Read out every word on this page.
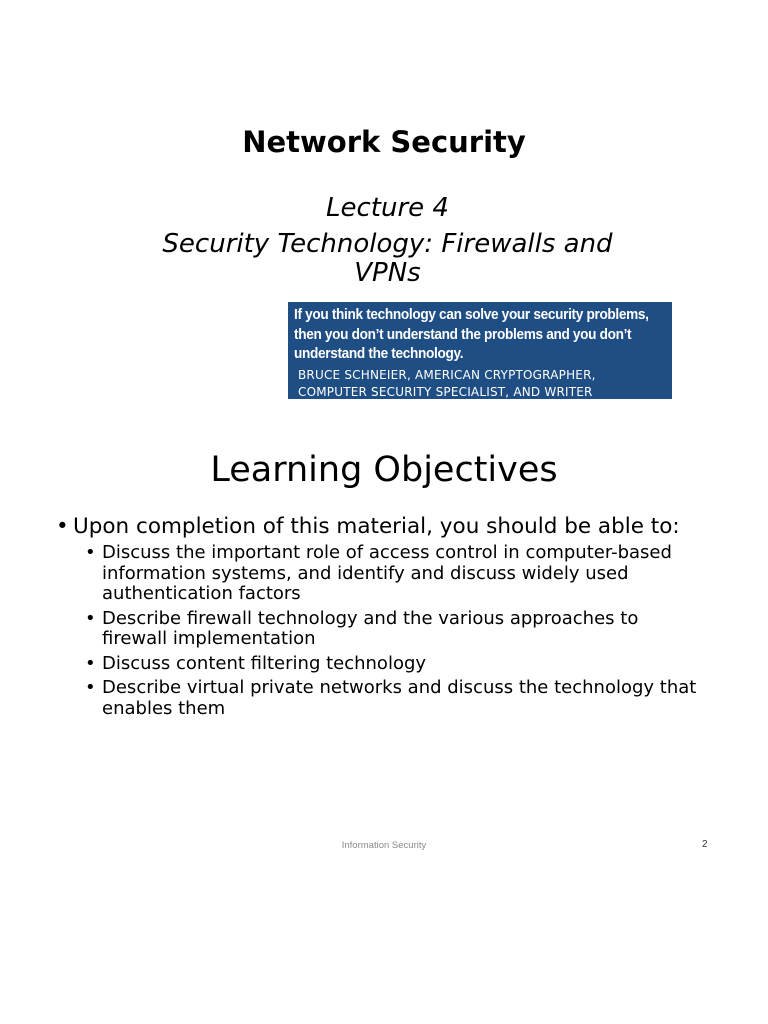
Network Security
Lecture 4
Security Technology: Firewalls and VPNs
If you think technology can solve your security problems, then you don’t understand the problems and you don’t understand the technology.
BRUCE SCHNEIER, AMERICAN CRYPTOGRAPHER,
COMPUTER SECURITY SPECIALIST, AND WRITER
Learning Objectives
• Upon completion of this material, you should be able to:
• Discuss the important role of access control in computer-based information systems, and identify and discuss widely used authentication factors
• Describe firewall technology and the various approaches to firewall implementation
• Discuss content filtering technology
• Describe virtual private networks and discuss the technology that enables them
Information Security	2
